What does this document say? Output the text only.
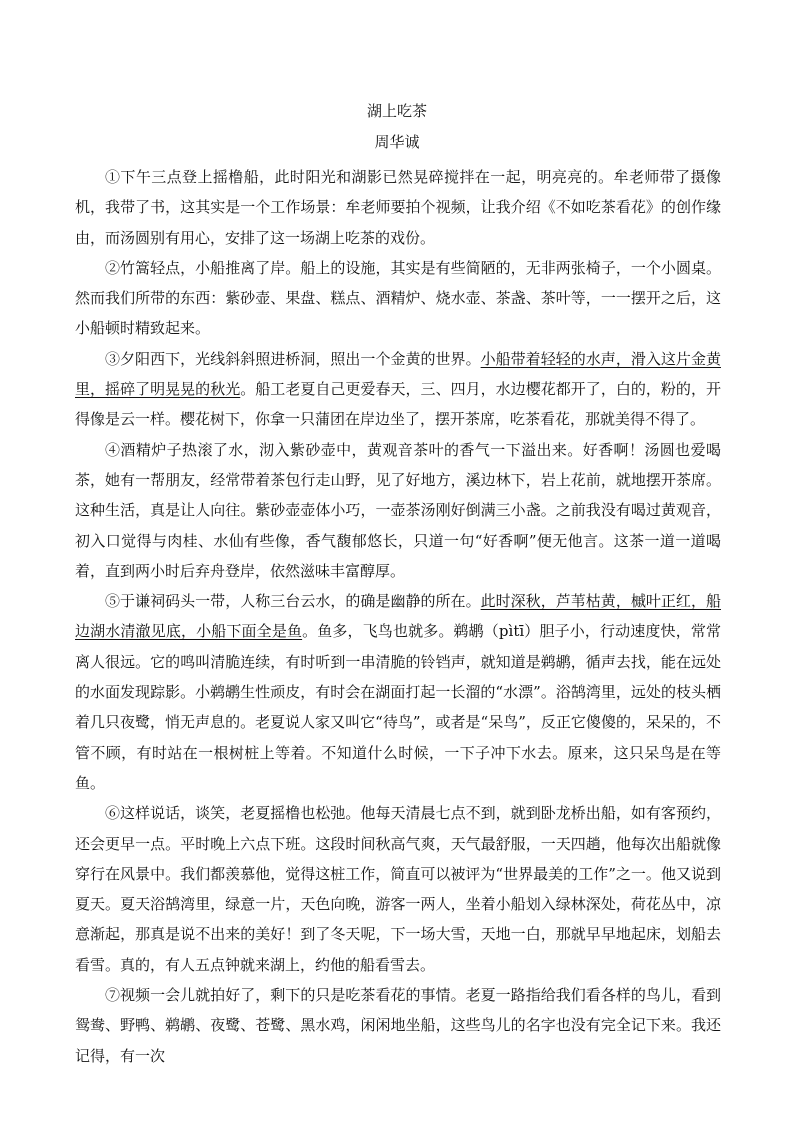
湖上吃茶
周华诚

①下午三点登上摇橹船，此时阳光和湖影已然晃碎搅拌在一起，明亮亮的。牟老师带了摄像机，我带了书，这其实是一个工作场景：牟老师要拍个视频，让我介绍《不如吃茶看花》的创作缘由，而汤圆别有用心，安排了这一场湖上吃茶的戏份。

②竹篙轻点，小船推离了岸。船上的设施，其实是有些简陋的，无非两张椅子，一个小圆桌。然而我们所带的东西：紫砂壶、果盘、糕点、酒精炉、烧水壶、茶盏、茶叶等，一一摆开之后，这小船顿时精致起来。

③夕阳西下，光线斜斜照进桥洞，照出一个金黄的世界。小船带着轻轻的水声，滑入这片金黄里，摇碎了明晃晃的秋光。船工老夏自己更爱春天，三、四月，水边樱花都开了，白的，粉的，开得像是云一样。樱花树下，你拿一只蒲团在岸边坐了，摆开茶席，吃茶看花，那就美得不得了。

④酒精炉子热滚了水，沏入紫砂壶中，黄观音茶叶的香气一下溢出来。好香啊！汤圆也爱喝茶，她有一帮朋友，经常带着茶包行走山野，见了好地方，溪边林下，岩上花前，就地摆开茶席。这种生活，真是让人向往。紫砂壶壶体小巧，一壶茶汤刚好倒满三小盏。之前我没有喝过黄观音，初入口觉得与肉桂、水仙有些像，香气馥郁悠长，只道一句“好香啊”便无他言。这茶一道一道喝着，直到两小时后弃舟登岸，依然滋味丰富醇厚。

⑤于谦祠码头一带，人称三台云水，的确是幽静的所在。此时深秋，芦苇枯黄，槭叶正红，船边湖水清澈见底，小船下面全是鱼。鱼多，飞鸟也就多。鹈鹕（pìtī）胆子小，行动速度快，常常离人很远。它的鸣叫清脆连续，有时听到一串清脆的铃铛声，就知道是鹈鹕，循声去找，能在远处的水面发现踪影。小鹈鹕生性顽皮，有时会在湖面打起一长溜的“水漂”。浴鹄湾里，远处的枝头栖着几只夜鹭，悄无声息的。老夏说人家又叫它“待鸟”，或者是“呆鸟”，反正它傻傻的，呆呆的，不管不顾，有时站在一根树桩上等着。不知道什么时候，一下子冲下水去。原来，这只呆鸟是在等鱼。

⑥这样说话，谈笑，老夏摇橹也松弛。他每天清晨七点不到，就到卧龙桥出船，如有客预约，还会更早一点。平时晚上六点下班。这段时间秋高气爽，天气最舒服，一天四趟，他每次出船就像穿行在风景中。我们都羡慕他，觉得这桩工作，简直可以被评为“世界最美的工作”之一。他又说到夏天。夏天浴鹄湾里，绿意一片，天色向晚，游客一两人，坐着小船划入绿林深处，荷花丛中，凉意渐起，那真是说不出来的美好！到了冬天呢，下一场大雪，天地一白，那就早早地起床，划船去看雪。真的，有人五点钟就来湖上，约他的船看雪去。

⑦视频一会儿就拍好了，剩下的只是吃茶看花的事情。老夏一路指给我们看各样的鸟儿，看到鸳鸯、野鸭、鹈鹕、夜鹭、苍鹭、黑水鸡，闲闲地坐船，这些鸟儿的名字也没有完全记下来。我还记得，有一次
